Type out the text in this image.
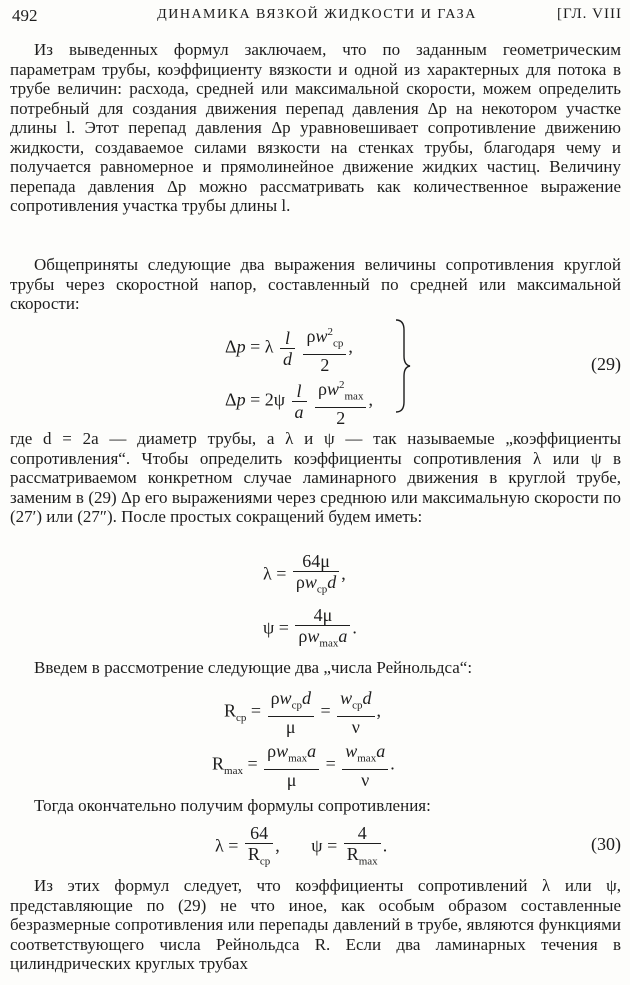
492	ДИНАМИКА ВЯЗКОЙ ЖИДКОСТИ И ГАЗА	[ГЛ. VIII

Из выведенных формул заключаем, что по заданным геометрическим параметрам трубы, коэффициенту вязкости и одной из характерных для потока в трубе величин: расхода, средней или максимальной скорости, можем определить потребный для создания движения перепад давления Δp на некотором участке длины l. Этот перепад давления Δp уравновешивает сопротивление движению жидкости, создаваемое силами вязкости на стенках трубы, благодаря чему и получается равномерное и прямолинейное движение жидких частиц. Величину перепада давления Δp можно рассматривать как количественное выражение сопротивления участка трубы длины l.

Общеприняты следующие два выражения величины сопротивления круглой трубы через скоростной напор, составленный по средней или максимальной скорости:

Δp = λ $\frac{l}{d}$
$\frac{\rho w^2_{ср}}{2}$ ,
$\Delta p = 2\psi \frac{l}{a}$
$\frac{\rho w^2_{max}}{2}$ ,
(29)

где d = 2a — диаметр трубы, а λ и ψ — так называемые „коэффициенты сопротивления“. Чтобы определить коэффициенты сопротивления λ или ψ в рассматриваемом конкретном случае ламинарного движения в круглой трубе, заменим в (29) Δp его выражениями через среднюю или максимальную скорости по (27′) или (27″). После простых сокращений будем иметь:

$\lambda = \frac{64\mu}{\rho w_{ср}d}$ ,
$\psi = \frac{4\mu}{\rho w_{max}a}$ .

Введем в рассмотрение следующие два „числа Рейнольдса“:

$R_{ср} = \frac{\rho w_{ср}d}{\mu} = \frac{w_{ср}d}{\nu}$ ,
$R_{max} = \frac{\rho w_{max}a}{\mu} = \frac{w_{max}a}{\nu}$ .

Тогда окончательно получим формулы сопротивления:

$\lambda = \frac{64}{R_{ср}}$ ,       $\psi = \frac{4}{R_{max}}$ .	(30)

Из этих формул следует, что коэффициенты сопротивлений λ или ψ, представляющие по (29) не что иное, как особым образом составленные безразмерные сопротивления или перепады давлений в трубе, являются функциями соответствующего числа Рейнольдса R. Если два ламинарных течения в цилиндрических круглых трубах
